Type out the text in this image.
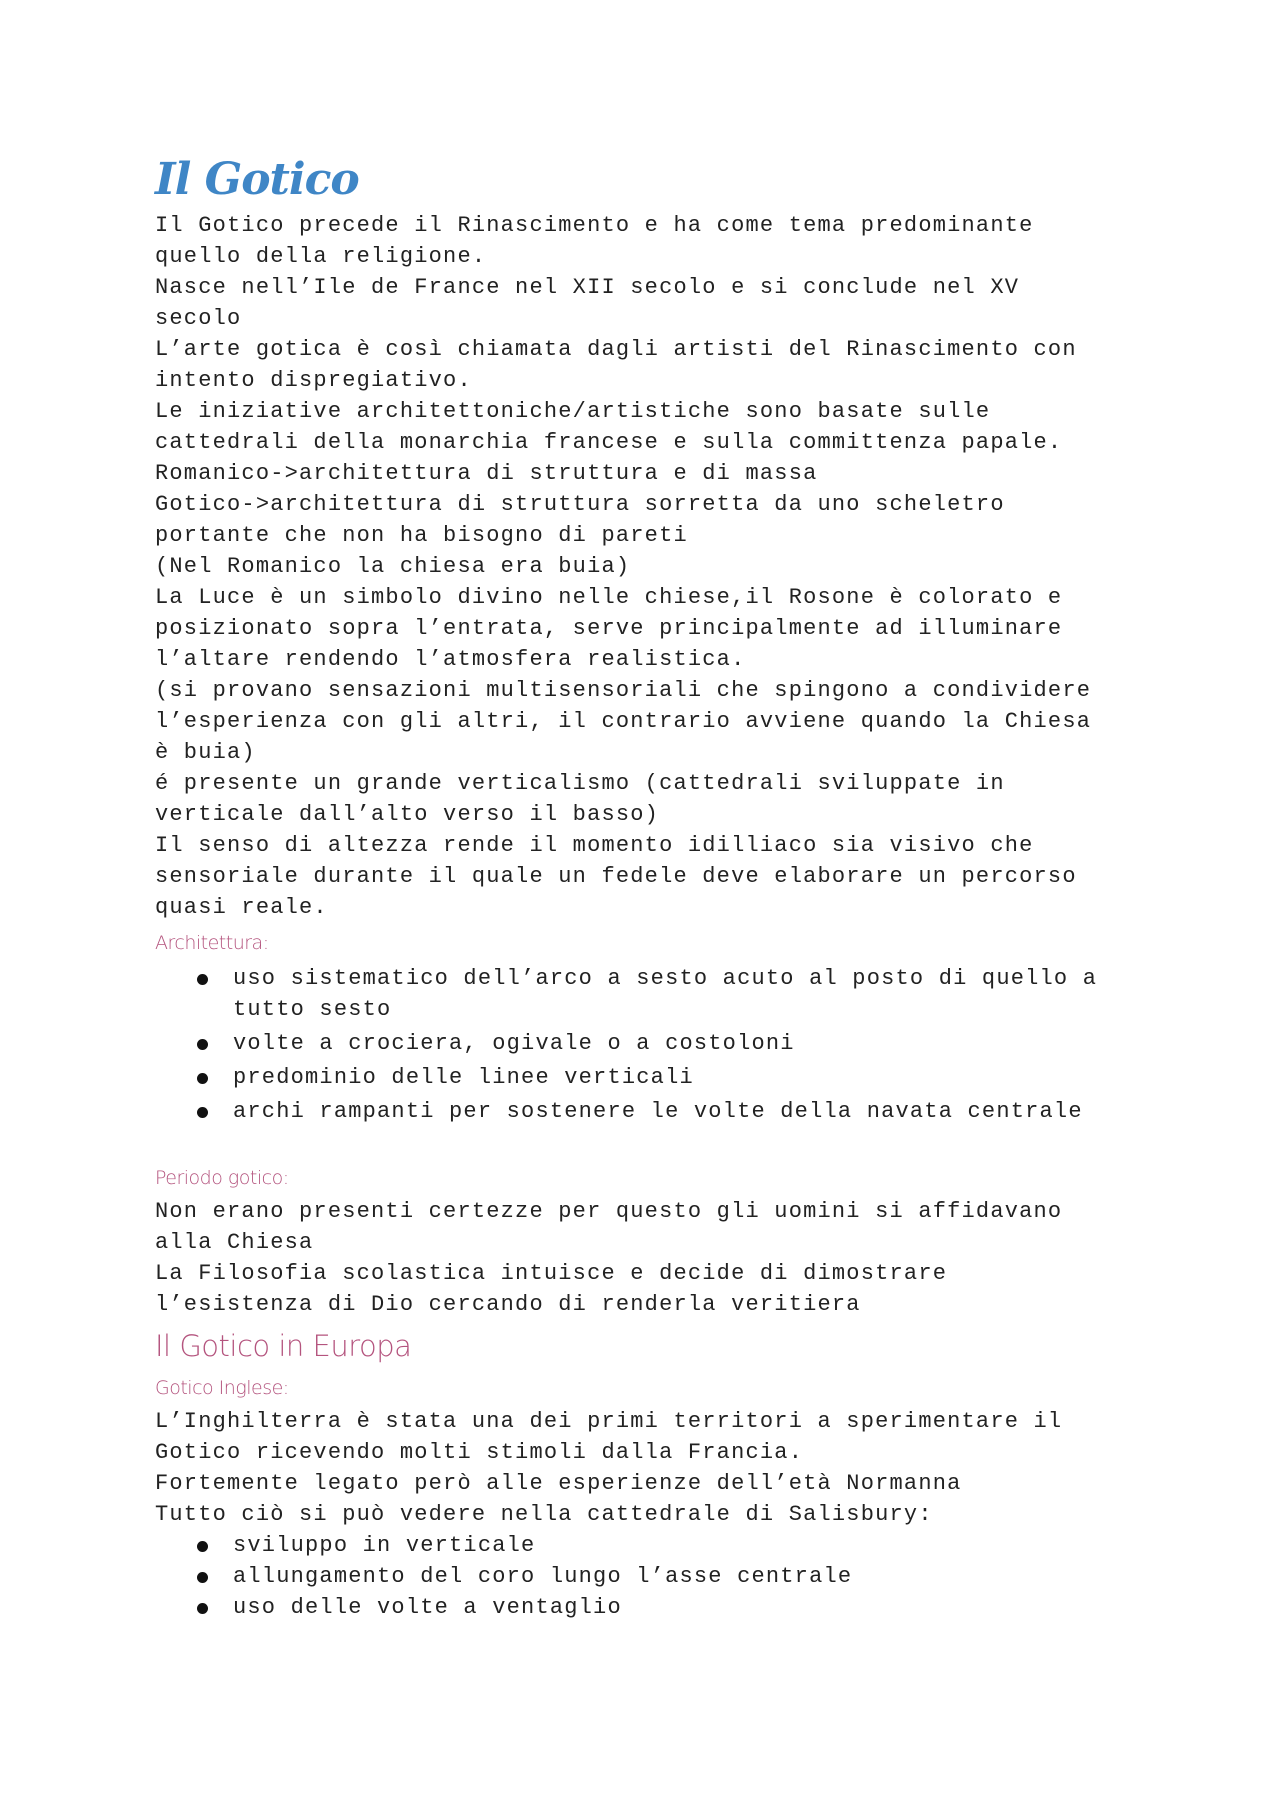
Il Gotico

Il Gotico precede il Rinascimento e ha come tema predominante

quello della religione.

Nasce nell’Ile de France nel XII secolo e si conclude nel XV

secolo

L’arte gotica è così chiamata dagli artisti del Rinascimento con

intento dispregiativo.

Le iniziative architettoniche/artistiche sono basate sulle

cattedrali della monarchia francese e sulla committenza papale.

Romanico->architettura di struttura e di massa

Gotico->architettura di struttura sorretta da uno scheletro

portante che non ha bisogno di pareti

(Nel Romanico la chiesa era buia)

La Luce è un simbolo divino nelle chiese,il Rosone è colorato e

posizionato sopra l’entrata, serve principalmente ad illuminare

l’altare rendendo l’atmosfera realistica.

(si provano sensazioni multisensoriali che spingono a condividere

l’esperienza con gli altri, il contrario avviene quando la Chiesa

è buia)

é presente un grande verticalismo (cattedrali sviluppate in

verticale dall’alto verso il basso)

Il senso di altezza rende il momento idilliaco sia visivo che

sensoriale durante il quale un fedele deve elaborare un percorso

quasi reale.

Architettura:
uso sistematico dell’arco a sesto acuto al posto di quello a
tutto sesto
volte a crociera, ogivale o a costoloni
predominio delle linee verticali
archi rampanti per sostenere le volte della navata centrale
Periodo gotico:

Non erano presenti certezze per questo gli uomini si affidavano

alla Chiesa

La Filosofia scolastica intuisce e decide di dimostrare

l’esistenza di Dio cercando di renderla veritiera

Il Gotico in Europa
Gotico Inglese:

L’Inghilterra è stata una dei primi territori a sperimentare il

Gotico ricevendo molti stimoli dalla Francia.

Fortemente legato però alle esperienze dell’età Normanna

Tutto ciò si può vedere nella cattedrale di Salisbury:

sviluppo in verticale
allungamento del coro lungo l’asse centrale
uso delle volte a ventaglio
